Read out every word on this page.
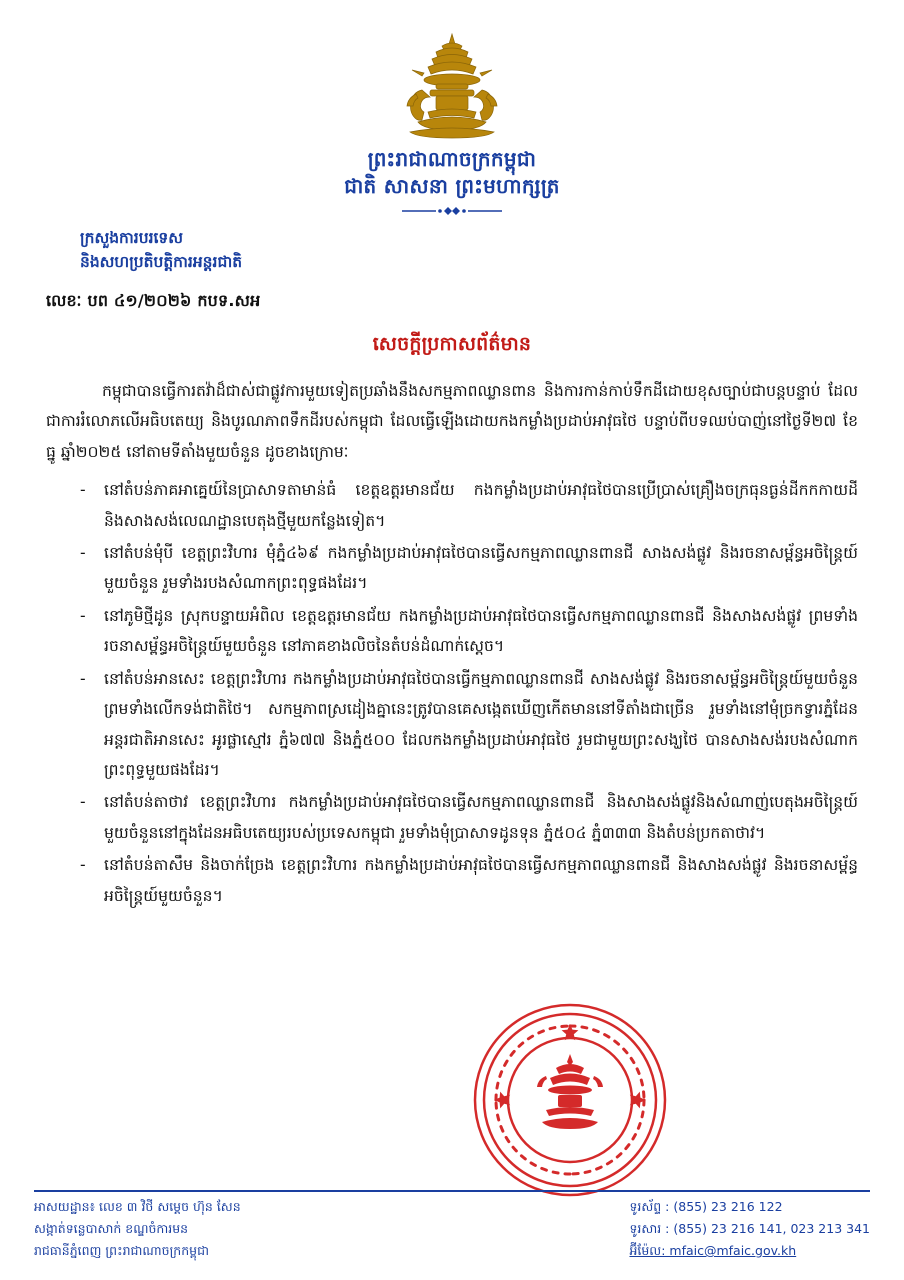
ព្រះរាជាណាចក្រកម្ពុជា
ជាតិ សាសនា ព្រះមហាក្សត្រ
ក្រសួងការបរទេស
និងសហប្រតិបត្តិការអន្តរជាតិ
លេខៈ បព ៤១/២០២៦ កបទ.សអ
សេចក្តីប្រកាសព័ត៌មាន

កម្ពុជាបានធ្វើការតវ៉ាដ៏ជាស់ជាផ្លូវការមួយទៀតប្រឆាំងនឹងសកម្មភាពឈ្លានពាន និងការកាន់កាប់ទឹកដីដោយខុសច្បាប់ជាបន្តបន្ទាប់ ដែលជាការរំលោភលើអធិបតេយ្យ និងបូរណភាពទឹកដីរបស់កម្ពុជា ដែលធ្វើឡើងដោយកងកម្លាំងប្រដាប់អាវុធថៃ បន្ទាប់ពីបទឈប់បាញ់នៅថ្ងៃទី២៧ ខែធ្នូ ឆ្នាំ២០២៥ នៅតាមទីតាំងមួយចំនួន ដូចខាងក្រោមៈ

- នៅតំបន់ភាគអាគ្នេយ៍នៃប្រាសាទតាមាន់ធំ ខេត្តឧត្តរមានជ័យ កងកម្លាំងប្រដាប់អាវុធថៃបានប្រើប្រាស់គ្រឿងចក្រធុនធ្ងន់ដីកកកាយដី និងសាងសង់លេណដ្ឋានបេតុងថ្មីមួយកន្លែងទៀត។
- នៅតំបន់មុំបី ខេត្តព្រះវិហារ មុំភ្នំ៤៦៩ កងកម្លាំងប្រដាប់អាវុធថៃបានធ្វើសកម្មភាពឈ្លានពានជី សាងសង់ផ្លូវ និងរចនាសម្ព័ន្ធអចិន្ត្រៃយ៍មួយចំនួន រួមទាំងរបងសំណាកព្រះពុទ្ធផងដែរ។
- នៅភូមិថ្មីដូន ស្រុកបន្ទាយអំពិល ខេត្តឧត្តរមានជ័យ កងកម្លាំងប្រដាប់អាវុធថៃបានធ្វើសកម្មភាពឈ្លានពានជី និងសាងសង់ផ្លូវ ព្រមទាំងរចនាសម្ព័ន្ធអចិន្ត្រៃយ៍មួយចំនួន នៅភាគខាងលិចនៃតំបន់ដំណាក់ស្តេច។
- នៅតំបន់អានសេះ ខេត្តព្រះវិហារ កងកម្លាំងប្រដាប់អាវុធថៃបានធ្វើកម្មភាពឈ្លានពានជី សាងសង់ផ្លូវ និងរចនាសម្ព័ន្ធអចិន្ត្រៃយ៍មួយចំនួន ព្រមទាំងលើកទង់ជាតិថៃ។ សកម្មភាពស្រដៀងគ្នានេះត្រូវបានគេសង្កេតឃើញកើតមាននៅទីតាំងជាច្រើន រួមទាំងនៅមុំច្រកទ្វារភ្នំដែនអន្តរជាតិអានសេះ អូរផ្លាស្មៅរ ភ្នំ៦៧៧ និងភ្នំ៥០០ ដែលកងកម្លាំងប្រដាប់អាវុធថៃ រួមជាមួយព្រះសង្ឃថៃ បានសាងសង់របងសំណាកព្រះពុទ្ធមួយផងដែរ។
- នៅតំបន់តាថាវ ខេត្តព្រះវិហារ កងកម្លាំងប្រដាប់អាវុធថៃបានធ្វើសកម្មភាពឈ្លានពានជី និងសាងសង់ផ្លូវនិងសំណាញ់បេតុងអចិន្ត្រៃយ៍មួយចំនួននៅក្នុងដែនអធិបតេយ្យរបស់ប្រទេសកម្ពុជា រួមទាំងមុំប្រាសាទដូនទុន ភ្នំ៥០៤ ភ្នំ៣៣៣ និងតំបន់ប្រកតាថាវ។
- នៅតំបន់តាសឹម និងចាក់ច្រែង ខេត្តព្រះវិហារ កងកម្លាំងប្រដាប់អាវុធថៃបានធ្វើសកម្មភាពឈ្លានពានជី និងសាងសង់ផ្លូវ និងរចនាសម្ព័ន្ធអចិន្ត្រៃយ៍មួយចំនួន។
អាសយដ្ឋាន៖ លេខ ៣ វិថី សម្តេច ហ៊ុន សែន
សង្កាត់ទន្លេបាសាក់ ខណ្ឌចំការមន
រាជធានីភ្នំពេញ ព្រះរាជាណាចក្រកម្ពុជា
ទូរស័ព្ទ : (855) 23 216 122
ទូរសារ : (855) 23 216 141, 023 213 341
អ៊ីម៉ែល: mfaic@mfaic.gov.kh
